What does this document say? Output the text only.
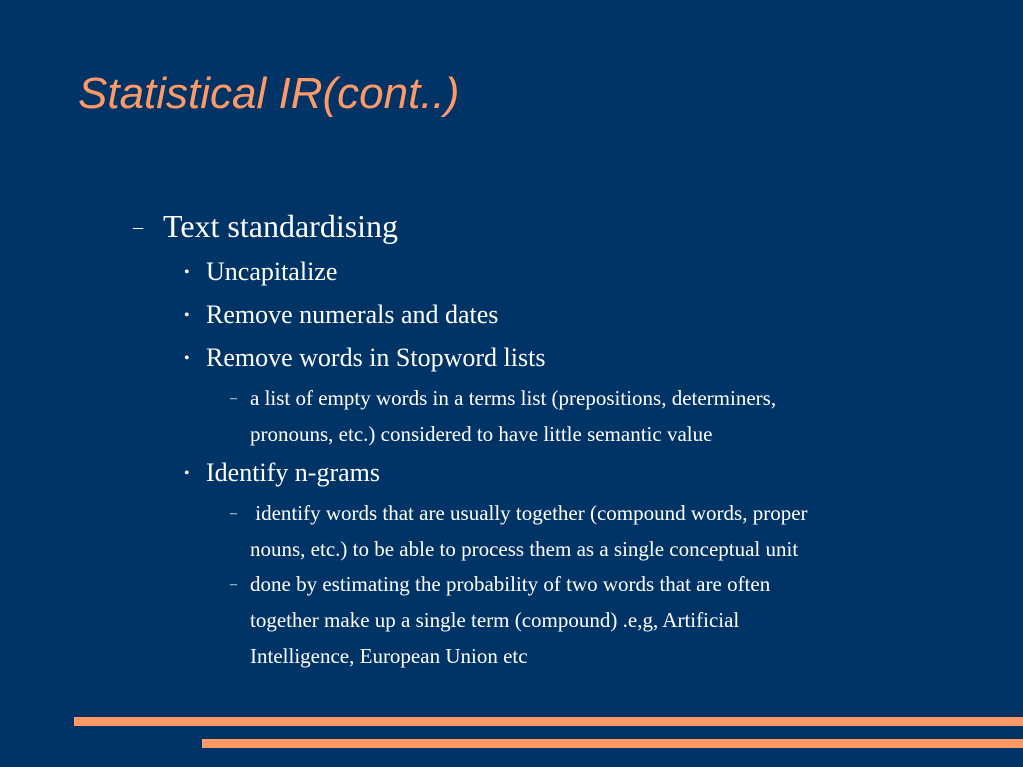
Statistical IR(cont..)
– Text standardising
• Uncapitalize
• Remove numerals and dates
• Remove words in Stopword lists
– a list of empty words in a terms list (prepositions, determiners,
pronouns, etc.) considered to have little semantic value
• Identify n-grams
– identify words that are usually together (compound words, proper
nouns, etc.) to be able to process them as a single conceptual unit
– done by estimating the probability of two words that are often
together make up a single term (compound) .e,g, Artificial
Intelligence, European Union etc
